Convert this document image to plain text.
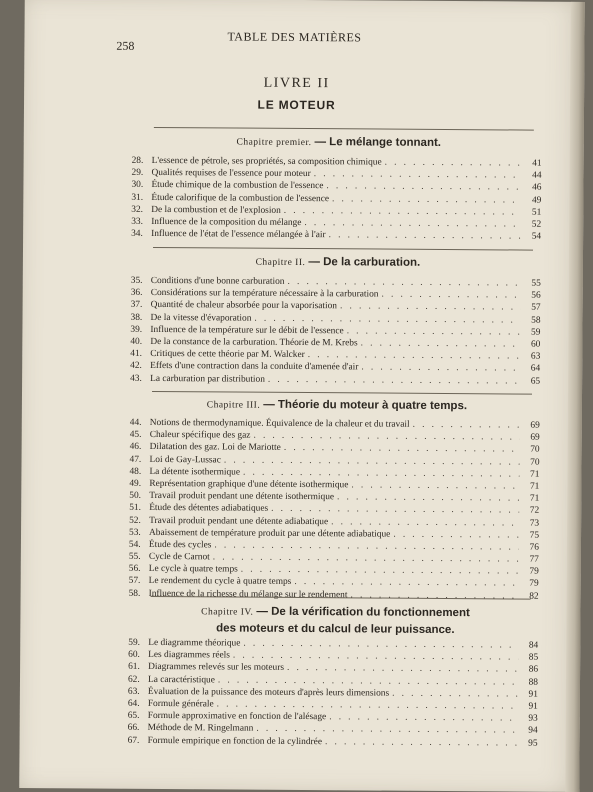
258
TABLE DES MATIÈRES
LIVRE II
LE MOTEUR
Chapitre premier. — Le mélange tonnant.
28. L'essence de pétrole, ses propriétés, sa composition chimique . . .	41
29. Qualités requises de l'essence pour moteur . . .	44
30. Étude chimique de la combustion de l'essence . . .	46
31. Étude calorifique de la combustion de l'essence . . .	49
32. De la combustion et de l'explosion . . .	51
33. Influence de la composition du mélange . . .	52
34. Influence de l'état de l'essence mélangée à l'air . . .	54
Chapitre II. — De la carburation.
35. Conditions d'une bonne carburation . . .	55
36. Considérations sur la température nécessaire à la carburation . . .	56
37. Quantité de chaleur absorbée pour la vaporisation . . .	57
38. De la vitesse d'évaporation . . .	58
39. Influence de la température sur le débit de l'essence . . .	59
40. De la constance de la carburation. Théorie de M. Krebs . . .	60
41. Critiques de cette théorie par M. Walcker . . .	63
42. Effets d'une contraction dans la conduite d'amenée d'air . . .	64
43. La carburation par distribution . . .	65
Chapitre III. — Théorie du moteur à quatre temps.
44. Notions de thermodynamique. Équivalence de la chaleur et du travail . . .	69
45. Chaleur spécifique des gaz . . .	69
46. Dilatation des gaz. Loi de Mariotte . . .	70
47. Loi de Gay-Lussac . . .	70
48. La détente isothermique . . .	71
49. Représentation graphique d'une détente isothermique . . .	71
50. Travail produit pendant une détente isothermique . . .	71
51. Étude des détentes adiabatiques . . .	72
52. Travail produit pendant une détente adiabatique . . .	73
53. Abaissement de température produit par une détente adiabatique . . .	75
54. Étude des cycles . . .	76
55. Cycle de Carnot . . .	77
56. Le cycle à quatre temps . . .	79
57. Le rendement du cycle à quatre temps . . .	79
58. Influence de la richesse du mélange sur le rendement . . .	82
Chapitre IV. — De la vérification du fonctionnement
des moteurs et du calcul de leur puissance.
59. Le diagramme théorique . . .	84
60. Les diagrammes réels . . .	85
61. Diagrammes relevés sur les moteurs . . .	86
62. La caractéristique . . .	88
63. Évaluation de la puissance des moteurs d'après leurs dimensions . . .	91
64. Formule générale . . .	91
65. Formule approximative en fonction de l'alésage . . .	93
66. Méthode de M. Ringelmann . . .	94
67. Formule empirique en fonction de la cylindrée . . .	95
